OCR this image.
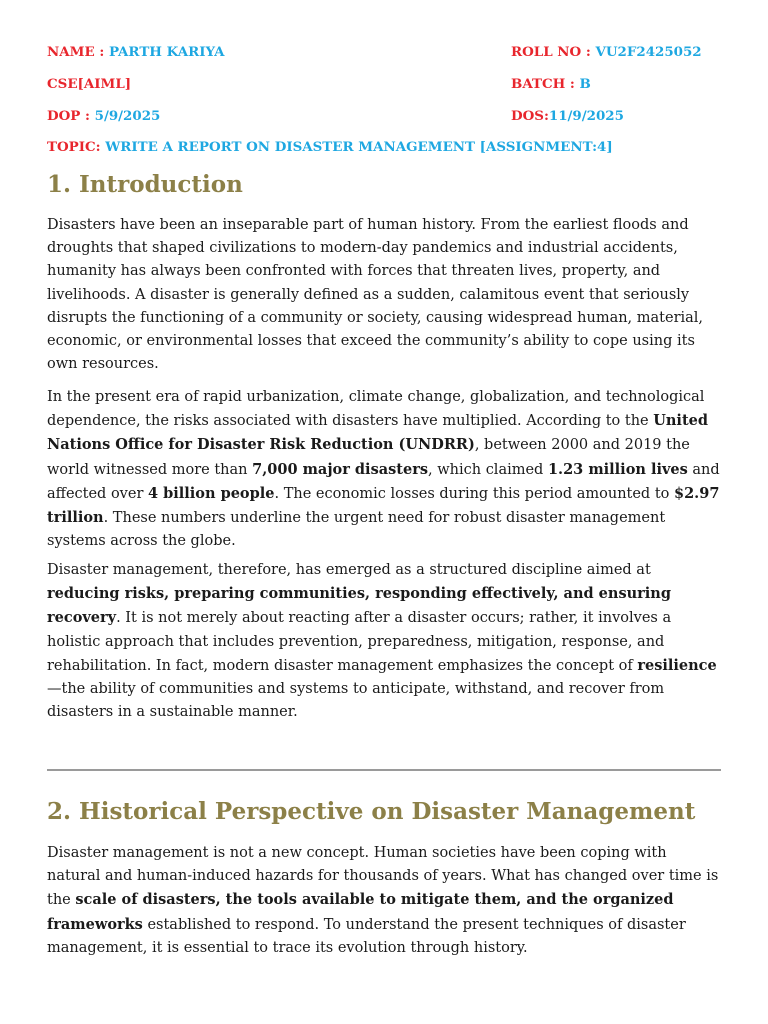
NAME : PARTH KARIYA	ROLL NO : VU2F2425052
CSE[AIML]	BATCH : B
DOP : 5/9/2025	DOS:11/9/2025
TOPIC: WRITE A REPORT ON DISASTER MANAGEMENT [ASSIGNMENT:4]
1. Introduction

Disasters have been an inseparable part of human history. From the earliest floods and droughts that shaped civilizations to modern-day pandemics and industrial accidents, humanity has always been confronted with forces that threaten lives, property, and livelihoods. A disaster is generally defined as a sudden, calamitous event that seriously disrupts the functioning of a community or society, causing widespread human, material, economic, or environmental losses that exceed the community’s ability to cope using its own resources.

In the present era of rapid urbanization, climate change, globalization, and technological dependence, the risks associated with disasters have multiplied. According to the United Nations Office for Disaster Risk Reduction (UNDRR), between 2000 and 2019 the world witnessed more than 7,000 major disasters, which claimed 1.23 million lives and affected over 4 billion people. The economic losses during this period amounted to $2.97 trillion. These numbers underline the urgent need for robust disaster management systems across the globe.

Disaster management, therefore, has emerged as a structured discipline aimed at reducing risks, preparing communities, responding effectively, and ensuring recovery. It is not merely about reacting after a disaster occurs; rather, it involves a holistic approach that includes prevention, preparedness, mitigation, response, and rehabilitation. In fact, modern disaster management emphasizes the concept of resilience—the ability of communities and systems to anticipate, withstand, and recover from disasters in a sustainable manner.

2. Historical Perspective on Disaster Management

Disaster management is not a new concept. Human societies have been coping with natural and human-induced hazards for thousands of years. What has changed over time is the scale of disasters, the tools available to mitigate them, and the organized frameworks established to respond. To understand the present techniques of disaster management, it is essential to trace its evolution through history.
